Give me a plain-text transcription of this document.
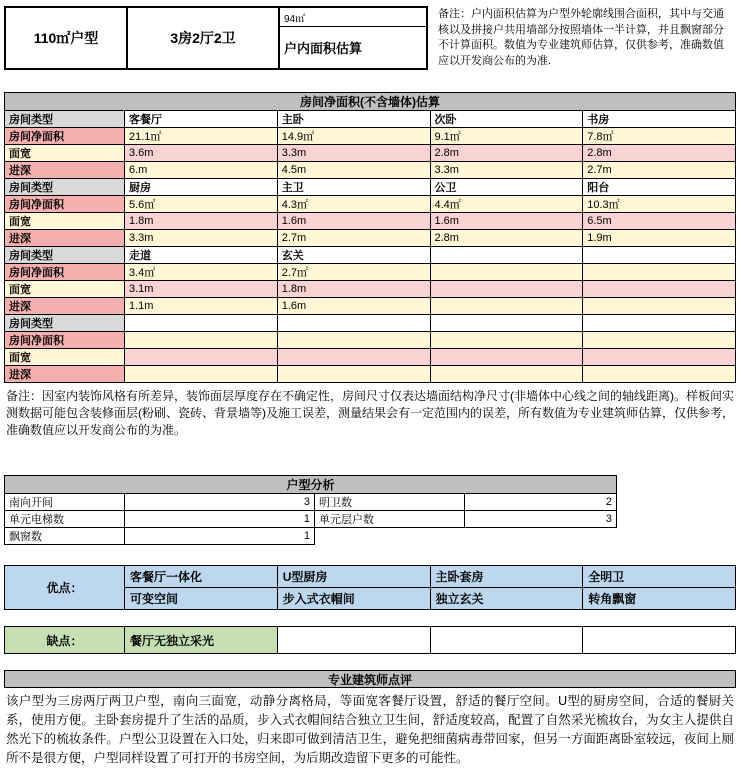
110㎡户型	3房2厅2卫
94㎡
户内面积估算
备注：户内面积估算为户型外轮廓线围合面积，其中与交通核以及拼接户共用墙部分按照墙体一半计算，并且飘窗部分不计算面积。数值为专业建筑师估算，仅供参考，准确数值应以开发商公布的为准.
房间净面积(不含墙体)估算				
房间类型	客餐厅	主卧	次卧	书房
房间净面积	21.1㎡	14.9㎡	9.1㎡	7.8㎡
面宽	3.6m	3.3m	2.8m	2.8m
进深	6.m	4.5m	3.3m	2.7m
房间类型	厨房	主卫	公卫	阳台
房间净面积	5.6㎡	4.3㎡	4.4㎡	10.3㎡
面宽	1.8m	1.6m	1.6m	6.5m
进深	3.3m	2.7m	2.8m	1.9m
房间类型	走道	玄关		
房间净面积	3.4㎡	2.7㎡		
面宽	3.1m	1.8m		
进深	1.1m	1.6m		
房间类型				
房间净面积				
面宽				
进深				
备注：因室内装饰风格有所差异，装饰面层厚度存在不确定性，房间尺寸仅表达墙面结构净尺寸(非墙体中心线之间的轴线距离)。样板间实测数据可能包含装修面层(粉刷、瓷砖、背景墙等)及施工误差，测量结果会有一定范围内的误差，所有数值为专业建筑师估算，仅供参考，准确数值应以开发商公布的为准。
户型分析			
南向开间	3	明卫数	2
单元电梯数	1	单元层户数	3
飘窗数	1		
优点：	客餐厅一体化	U型厨房	主卧套房	全明卫
	可变空间	步入式衣帽间	独立玄关	转角飘窗
缺点：	餐厅无独立采光			
专业建筑师点评
该户型为三房两厅两卫户型，南向三面宽，动静分离格局，等面宽客餐厅设置，舒适的餐厅空间。U型的厨房空间，合适的餐厨关系，使用方便。主卧套房提升了生活的品质，步入式衣帽间结合独立卫生间，舒适度较高，配置了自然采光梳妆台，为女主人提供自然光下的梳妆条件。户型公卫设置在入口处，归来即可做到清洁卫生，避免把细菌病毒带回家，但另一方面距离卧室较远，夜间上厕所不是很方便，户型同样设置了可打开的书房空间，为后期改造留下更多的可能性。
